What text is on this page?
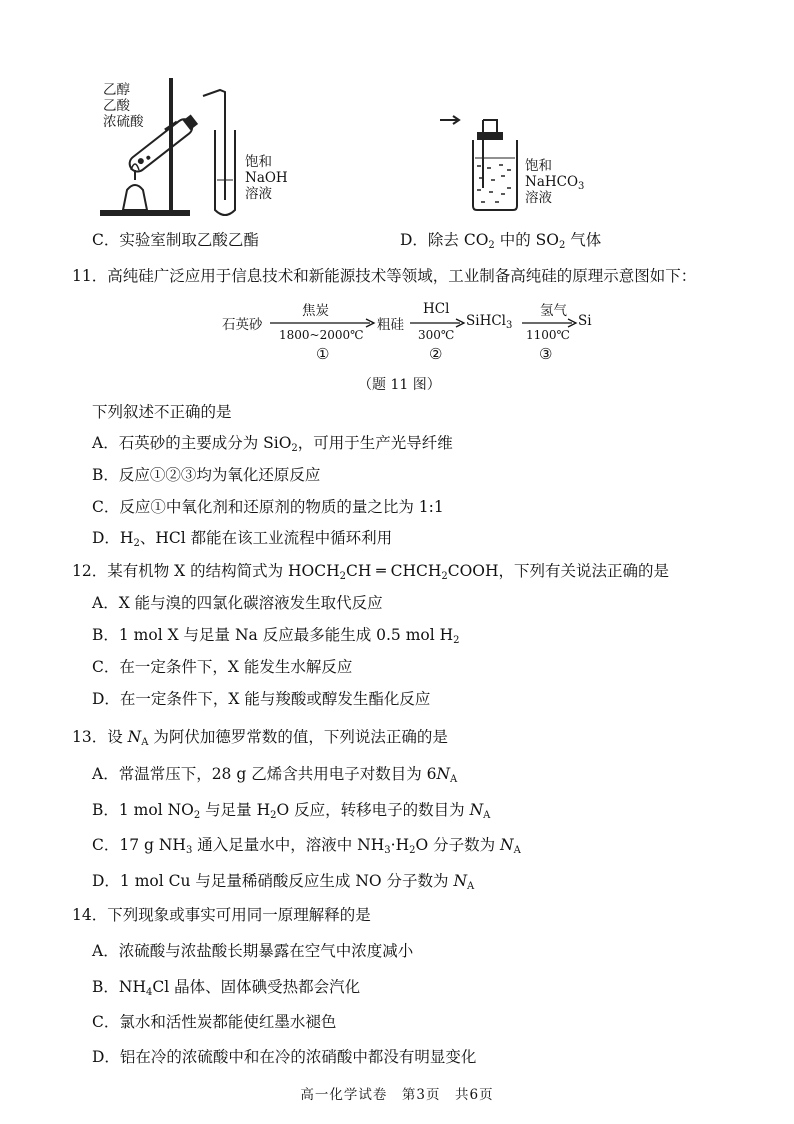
乙醇
乙酸
浓硫酸
饱和
NaOH
溶液
C．实验室制取乙酸乙酯
饱和
NaHCO$_3$
溶液
D．除去 $CO_2$ 中的 $SO_2$ 气体
11．高纯硅广泛应用于信息技术和新能源技术等领域，工业制备高纯硅的原理示意图如下：
石英砂
焦炭
1800~2000℃
粗硅
HCl
300℃
SiHCl$_3$
氢气
1100℃
Si
①	②	③
（题 11 图）
下列叙述不正确的是
A．石英砂的主要成分为 SiO$_2$，可用于生产光导纤维
B．反应①②③均为氧化还原反应
C．反应①中氧化剂和还原剂的物质的量之比为 1:1
D．$H_2$、HCl 都能在该工业流程中循环利用
12．某有机物 X 的结构简式为 $HOCH_2CH$ ═ $CHCH_2COOH$，下列有关说法正确的是
A．X 能与溴的四氯化碳溶液发生取代反应
B．1 mol X 与足量 Na 反应最多能生成 0.5 mol $H_2$
C．在一定条件下，X 能发生水解反应
D．在一定条件下，X 能与羧酸或醇发生酯化反应
13．设 $N_A$ 为阿伏加德罗常数的值，下列说法正确的是
A．常温常压下，28 g 乙烯含共用电子对数目为 $6N_A$
B．1 mol $NO_2$ 与足量 $H_2O$ 反应，转移电子的数目为 $N_A$
C．17 g $NH_3$ 通入足量水中，溶液中 $NH_3\cdot H_2O$ 分子数为 $N_A$
D．1 mol Cu 与足量稀硝酸反应生成 NO 分子数为 $N_A$
14．下列现象或事实可用同一原理解释的是
A．浓硫酸与浓盐酸长期暴露在空气中浓度减小
B．$NH_4Cl$ 晶体、固体碘受热都会汽化
C．氯水和活性炭都能使红墨水褪色
D．铝在冷的浓硫酸中和在冷的浓硝酸中都没有明显变化
高一化学试卷　第3页　共6页
